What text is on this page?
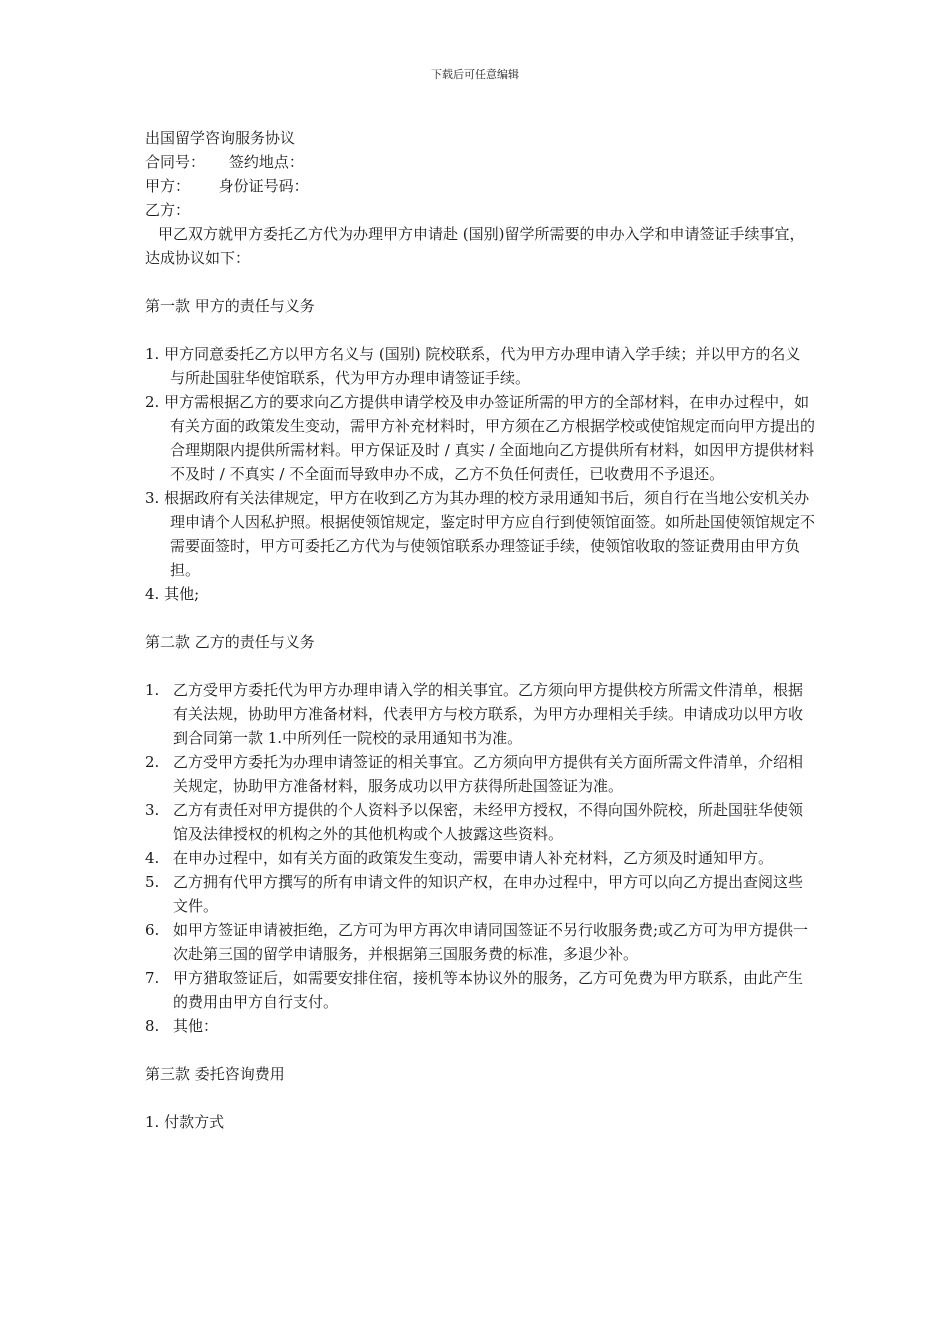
下载后可任意编辑
出国留学咨询服务协议
合同号：     签约地点：
甲方：      身份证号码：
乙方：
甲乙双方就甲方委托乙方代为办理甲方申请赴 (国别)留学所需要的申办入学和申请签证手续事宜，达成协议如下：
第一款 甲方的责任与义务
1. 甲方同意委托乙方以甲方名义与 (国别) 院校联系，代为甲方办理申请入学手续；并以甲方的名义与所赴国驻华使馆联系，代为甲方办理申请签证手续。
2. 甲方需根据乙方的要求向乙方提供申请学校及申办签证所需的甲方的全部材料，在申办过程中，如有关方面的政策发生变动，需甲方补充材料时，甲方须在乙方根据学校或使馆规定而向甲方提出的合理期限内提供所需材料。甲方保证及时 / 真实 / 全面地向乙方提供所有材料，如因甲方提供材料不及时 / 不真实 / 不全面而导致申办不成，乙方不负任何责任，已收费用不予退还。
3. 根据政府有关法律规定，甲方在收到乙方为其办理的校方录用通知书后，须自行在当地公安机关办理申请个人因私护照。根据使领馆规定，鉴定时甲方应自行到使领馆面签。如所赴国使领馆规定不需要面签时，甲方可委托乙方代为与使领馆联系办理签证手续，使领馆收取的签证费用由甲方负担。
4. 其他;
第二款 乙方的责任与义务
1. 乙方受甲方委托代为甲方办理申请入学的相关事宜。乙方须向甲方提供校方所需文件清单，根据有关法规，协助甲方准备材料，代表甲方与校方联系，为甲方办理相关手续。申请成功以甲方收到合同第一款 1.中所列任一院校的录用通知书为准。
2. 乙方受甲方委托为办理申请签证的相关事宜。乙方须向甲方提供有关方面所需文件清单，介绍相关规定，协助甲方准备材料，服务成功以甲方获得所赴国签证为准。
3. 乙方有责任对甲方提供的个人资料予以保密，未经甲方授权，不得向国外院校，所赴国驻华使领馆及法律授权的机构之外的其他机构或个人披露这些资料。
4. 在申办过程中，如有关方面的政策发生变动，需要申请人补充材料，乙方须及时通知甲方。
5. 乙方拥有代甲方撰写的所有申请文件的知识产权，在申办过程中，甲方可以向乙方提出查阅这些文件。
6. 如甲方签证申请被拒绝，乙方可为甲方再次申请同国签证不另行收服务费;或乙方可为甲方提供一次赴第三国的留学申请服务，并根据第三国服务费的标准，多退少补。
7. 甲方猎取签证后，如需要安排住宿，接机等本协议外的服务，乙方可免费为甲方联系，由此产生的费用由甲方自行支付。
8. 其他：
第三款 委托咨询费用
1. 付款方式
